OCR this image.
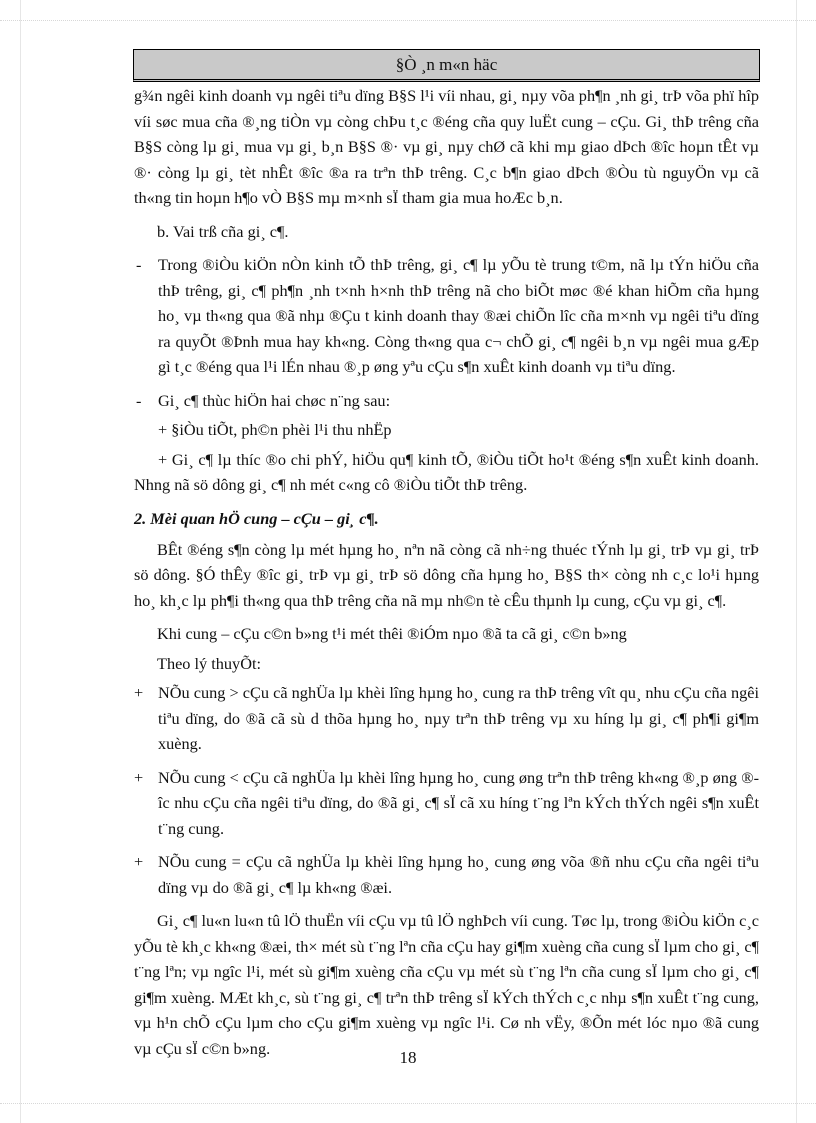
§Ò ¸n m«n häc

g¾n ngêi kinh doanh vµ ngêi tiªu dïng B§S l¹i víi nhau, gi¸ nµy võa ph¶n ¸nh gi¸ trÞ võa phï hîp víi søc mua cña ®¸ng tiÒn vµ còng chÞu t¸c ®éng cña quy luËt cung – cÇu. Gi¸ thÞ trêng cña B§S còng lµ gi¸ mua vµ gi¸ b¸n B§S ®· vµ gi¸ nµy chØ cã khi mµ giao dÞch ®îc hoµn tÊt vµ ®· còng lµ gi¸ tèt nhÊt ®îc ®a ra trªn thÞ trêng. C¸c b¶n giao dÞch ®Òu tù nguyÖn vµ cã th«ng tin hoµn h¶o vÒ B§S mµ m×nh sÏ tham gia mua hoÆc b¸n.

b. Vai trß cña gi¸ c¶.

- Trong ®iÒu kiÖn nÒn kinh tÕ thÞ trêng, gi¸ c¶ lµ yÕu tè trung t©m, nã lµ tÝn hiÖu cña thÞ trêng, gi¸ c¶ ph¶n ¸nh t×nh h×nh thÞ trêng nã cho biÕt møc ®é khan hiÕm cña hµng ho¸ vµ th«ng qua ®ã nhµ ®Çu t kinh doanh thay ®æi chiÕn lîc cña m×nh vµ ngêi tiªu dïng ra quyÕt ®Þnh mua hay kh«ng. Còng th«ng qua c¬ chÕ gi¸ c¶ ngêi b¸n vµ ngêi mua gÆp gì t¸c ®éng qua l¹i lÉn nhau ®¸p øng yªu cÇu s¶n xuÊt kinh doanh vµ tiªu dïng.
- Gi¸ c¶ thùc hiÖn hai chøc n¨ng sau:

+ §iÒu tiÕt, ph©n phèi l¹i thu nhËp

+ Gi¸ c¶ lµ thíc ®o chi phÝ, hiÖu qu¶ kinh tÕ, ®iÒu tiÕt ho¹t ®éng s¶n xuÊt kinh doanh. Nhng nã sö dông gi¸ c¶ nh mét c«ng cô ®iÒu tiÕt thÞ trêng.

2. Mèi quan hÖ cung – cÇu – gi¸ c¶.

BÊt ®éng s¶n còng lµ mét hµng ho¸ nªn nã còng cã nh÷ng thuéc tÝnh lµ gi¸ trÞ vµ gi¸ trÞ sö dông. §Ó thÊy ®îc gi¸ trÞ vµ gi¸ trÞ sö dông cña hµng ho¸ B§S th× còng nh c¸c lo¹i hµng ho¸ kh¸c lµ ph¶i th«ng qua thÞ trêng cña nã mµ nh©n tè cÊu thµnh lµ cung, cÇu vµ gi¸ c¶.

Khi cung – cÇu c©n b»ng t¹i mét thêi ®iÓm nµo ®ã ta cã gi¸ c©n b»ng

Theo lý thuyÕt:

+ NÕu cung > cÇu cã nghÜa lµ khèi lîng hµng ho¸ cung ra thÞ trêng vît qu¸ nhu cÇu cña ngêi tiªu dïng, do ®ã cã sù d thõa hµng ho¸ nµy trªn thÞ trêng vµ xu híng lµ gi¸ c¶ ph¶i gi¶m xuèng.
+ NÕu cung < cÇu cã nghÜa lµ khèi lîng hµng ho¸ cung øng trªn thÞ trêng kh«ng ®¸p øng ®îc nhu cÇu cña ngêi tiªu dïng, do ®ã gi¸ c¶ sÏ cã xu híng t¨ng lªn kÝch thÝch ngêi s¶n xuÊt t¨ng cung.
+ NÕu cung = cÇu cã nghÜa lµ khèi lîng hµng ho¸ cung øng võa ®ñ nhu cÇu cña ngêi tiªu dïng vµ do ®ã gi¸ c¶ lµ kh«ng ®æi.

Gi¸ c¶ lu«n lu«n tû lÖ thuËn víi cÇu vµ tû lÖ nghÞch víi cung. Tøc lµ, trong ®iÒu kiÖn c¸c yÕu tè kh¸c kh«ng ®æi, th× mét sù t¨ng lªn cña cÇu hay gi¶m xuèng cña cung sÏ lµm cho gi¸ c¶ t¨ng lªn; vµ ngîc l¹i, mét sù gi¶m xuèng cña cÇu vµ mét sù t¨ng lªn cña cung sÏ lµm cho gi¸ c¶ gi¶m xuèng. MÆt kh¸c, sù t¨ng gi¸ c¶ trªn thÞ trêng sÏ kÝch thÝch c¸c nhµ s¶n xuÊt t¨ng cung, vµ h¹n chÕ cÇu lµm cho cÇu gi¶m xuèng vµ ngîc l¹i. Cø nh vËy, ®Õn mét lóc nµo ®ã cung vµ cÇu sÏ c©n b»ng.	18
